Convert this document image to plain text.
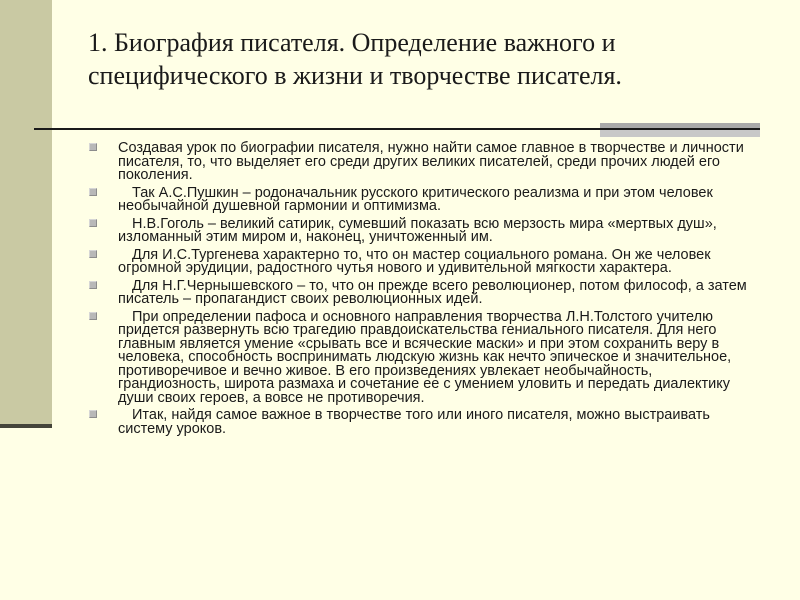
1. Биография писателя. Определение важного и специфического в жизни и творчестве писателя.
Создавая урок по биографии писателя, нужно найти самое главное в творчестве и личности писателя, то, что выделяет его среди других великих писателей, среди прочих людей его поколения.
Так А.С.Пушкин – родоначальник русского критического реализма и при этом человек необычайной душевной гармонии и оптимизма.
Н.В.Гоголь – великий сатирик, сумевший показать всю мерзость мира «мертвых душ», изломанный этим миром и, наконец, уничтоженный им.
Для И.С.Тургенева характерно то, что он мастер социального романа. Он же человек огромной эрудиции, радостного чутья нового и удивительной мягкости характера.
Для Н.Г.Чернышевского – то, что он прежде всего революционер, потом философ, а затем писатель – пропагандист своих революционных идей.
При определении пафоса и основного направления творчества Л.Н.Толстого учителю придется развернуть всю трагедию правдоискательства гениального писателя. Для него главным является умение «срывать все и всяческие маски» и при этом сохранить веру в человека, способность воспринимать людскую жизнь как нечто эпическое и значительное, противоречивое и вечно живое. В его произведениях увлекает необычайность, грандиозность, широта размаха и сочетание ее с умением уловить и передать диалектику души своих героев, а вовсе не противоречия.
Итак, найдя самое важное в творчестве того или иного писателя, можно выстраивать систему уроков.
